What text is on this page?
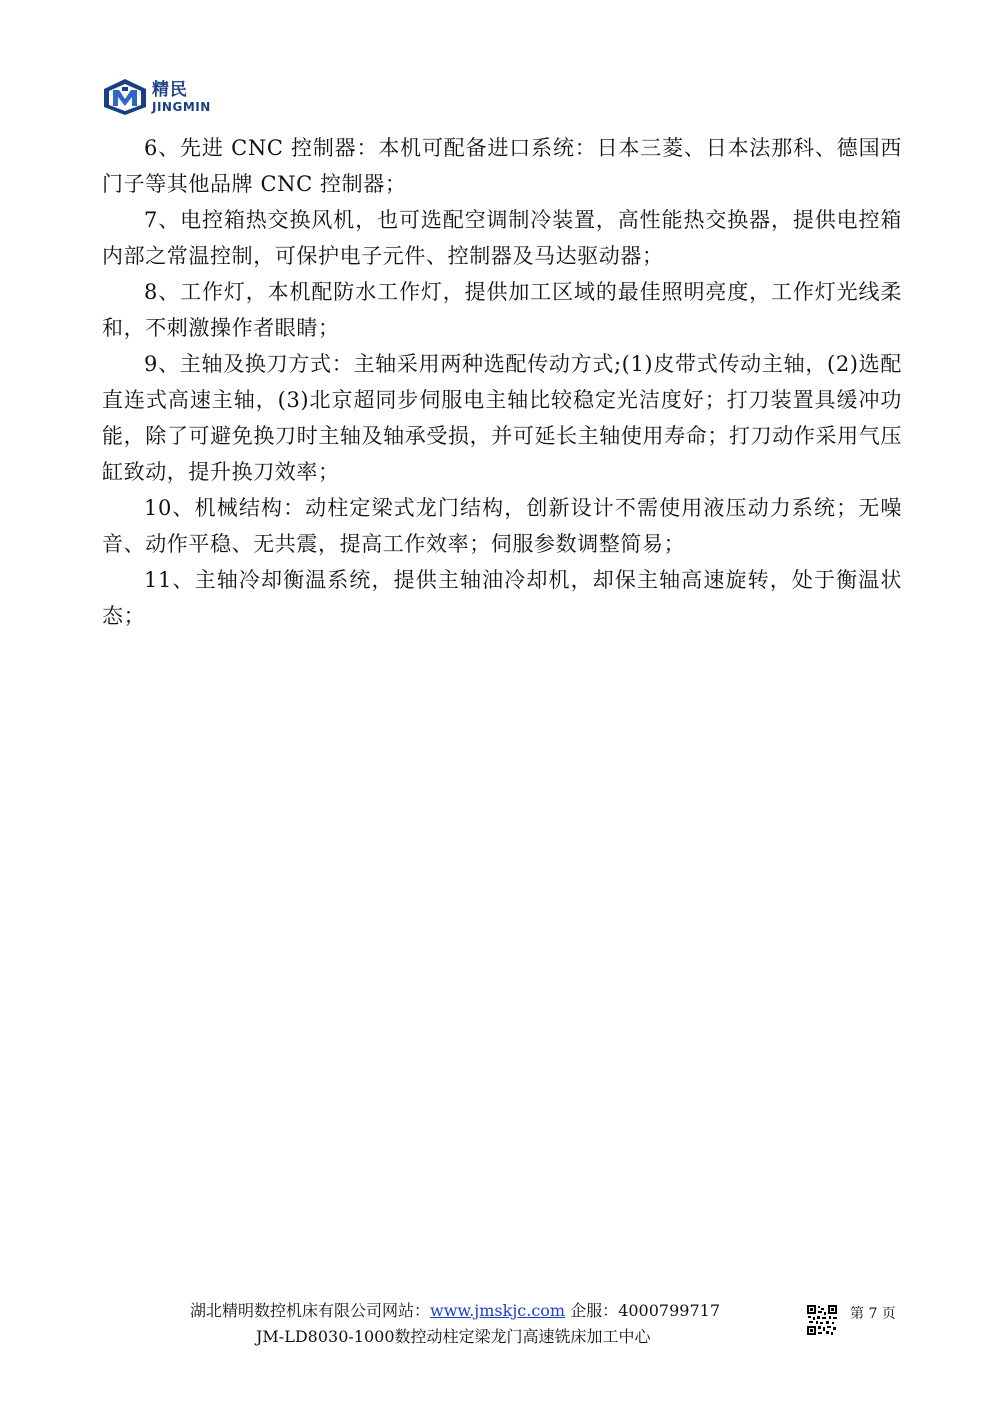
精民
JINGMIN

6、先进 CNC 控制器：本机可配备进口系统：日本三菱、日本法那科、德国西门子等其他品牌 CNC 控制器；

7、电控箱热交换风机，也可选配空调制冷装置，高性能热交换器，提供电控箱内部之常温控制，可保护电子元件、控制器及马达驱动器；

8、工作灯，本机配防水工作灯，提供加工区域的最佳照明亮度，工作灯光线柔和，不刺激操作者眼睛；

9、主轴及换刀方式：主轴采用两种选配传动方式;(1)皮带式传动主轴，(2)选配直连式高速主轴，(3)北京超同步伺服电主轴比较稳定光洁度好；打刀装置具缓冲功能，除了可避免换刀时主轴及轴承受损，并可延长主轴使用寿命；打刀动作采用气压缸致动，提升换刀效率；

10、机械结构：动柱定梁式龙门结构，创新设计不需使用液压动力系统；无噪音、动作平稳、无共震，提高工作效率；伺服参数调整简易；

11、主轴冷却衡温系统，提供主轴油冷却机，却保主轴高速旋转，处于衡温状态；

湖北精明数控机床有限公司网站：www.jmskjc.com 企服：4000799717
JM-LD8030-1000数控动柱定梁龙门高速铣床加工中心
第 7 页
